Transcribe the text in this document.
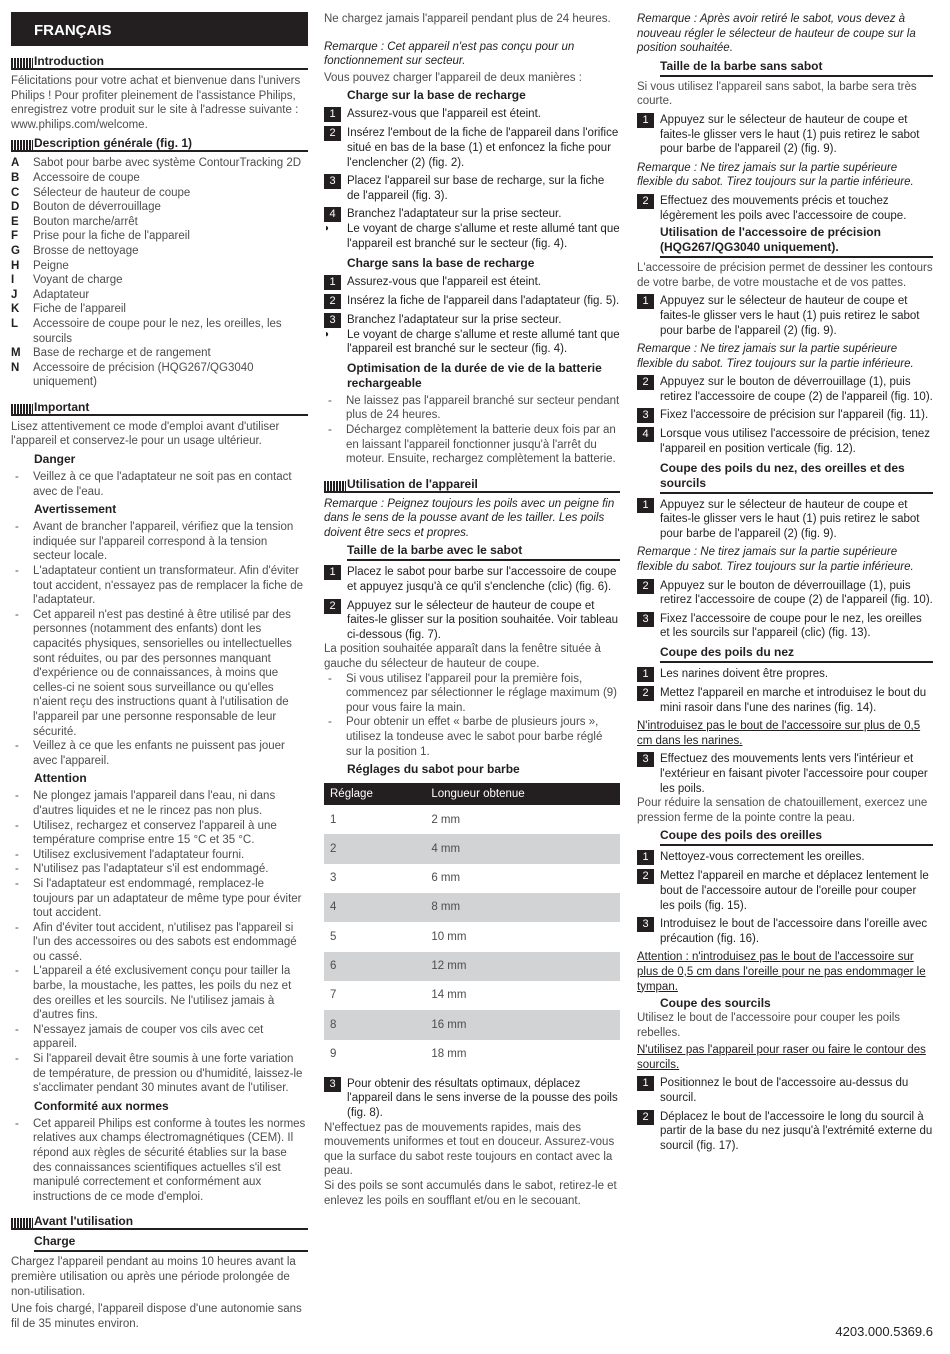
FRANÇAIS
Introduction

Félicitations pour votre achat et bienvenue dans l'univers Philips ! Pour profiter pleinement de l'assistance Philips, enregistrez votre produit sur le site à l'adresse suivante : www.philips.com/welcome.

Description générale (fig. 1)
A	Sabot pour barbe avec système ContourTracking 2D
B	Accessoire de coupe
C	Sélecteur de hauteur de coupe
D	Bouton de déverrouillage
E	Bouton marche/arrêt
F	Prise pour la fiche de l'appareil
G	Brosse de nettoyage
H	Peigne
I	Voyant de charge
J	Adaptateur
K	Fiche de l'appareil
L	Accessoire de coupe pour le nez, les oreilles, les sourcils
M	Base de recharge et de rangement
N	Accessoire de précision (HQG267/QG3040 uniquement)
Important

Lisez attentivement ce mode d'emploi avant d'utiliser l'appareil et conservez-le pour un usage ultérieur.

Danger
-	Veillez à ce que l'adaptateur ne soit pas en contact avec de l'eau.
Avertissement
-	Avant de brancher l'appareil, vérifiez que la tension indiquée sur l'appareil correspond à la tension secteur locale.
-	L'adaptateur contient un transformateur. Afin d'éviter tout accident, n'essayez pas de remplacer la fiche de l'adaptateur.
-	Cet appareil n'est pas destiné à être utilisé par des personnes (notamment des enfants) dont les capacités physiques, sensorielles ou intellectuelles sont réduites, ou par des personnes manquant d'expérience ou de connaissances, à moins que celles-ci ne soient sous surveillance ou qu'elles n'aient reçu des instructions quant à l'utilisation de l'appareil par une personne responsable de leur sécurité.
-	Veillez à ce que les enfants ne puissent pas jouer avec l'appareil.
Attention
-	Ne plongez jamais l'appareil dans l'eau, ni dans d'autres liquides et ne le rincez pas non plus.
-	Utilisez, rechargez et conservez l'appareil à une température comprise entre 15 °C et 35 °C.
-	Utilisez exclusivement l'adaptateur fourni.
-	N'utilisez pas l'adaptateur s'il est endommagé.
-	Si l'adaptateur est endommagé, remplacez-le toujours par un adaptateur de même type pour éviter tout accident.
-	Afin d'éviter tout accident, n'utilisez pas l'appareil si l'un des accessoires ou des sabots est endommagé ou cassé.
-	L'appareil a été exclusivement conçu pour tailler la barbe, la moustache, les pattes, les poils du nez et des oreilles et les sourcils. Ne l'utilisez jamais à d'autres fins.
-	N'essayez jamais de couper vos cils avec cet appareil.
-	Si l'appareil devait être soumis à une forte variation de température, de pression ou d'humidité, laissez-le s'acclimater pendant 30 minutes avant de l'utiliser.
Conformité aux normes
-	Cet appareil Philips est conforme à toutes les normes relatives aux champs électromagnétiques (CEM). Il répond aux règles de sécurité établies sur la base des connaissances scientifiques actuelles s'il est manipulé correctement et conformément aux instructions de ce mode d'emploi.
Avant l'utilisation
Charge

Chargez l'appareil pendant au moins 10 heures avant la première utilisation ou après une période prolongée de non-utilisation.

Une fois chargé, l'appareil dispose d'une autonomie sans fil de 35 minutes environ.

Ne chargez jamais l'appareil pendant plus de 24 heures.

Remarque : Cet appareil n'est pas conçu pour un fonctionnement sur secteur.

Vous pouvez charger l'appareil de deux manières :

Charge sur la base de recharge
1 Assurez-vous que l'appareil est éteint.
2 Insérez l'embout de la fiche de l'appareil dans l'orifice situé en bas de la base (1) et enfoncez la fiche pour l'enclencher (2) (fig. 2).
3 Placez l'appareil sur base de recharge, sur la fiche de l'appareil (fig. 3).
4 Branchez l'adaptateur sur la prise secteur.
◗	Le voyant de charge s'allume et reste allumé tant que l'appareil est branché sur le secteur (fig. 4).
Charge sans la base de recharge
1 Assurez-vous que l'appareil est éteint.
2 Insérez la fiche de l'appareil dans l'adaptateur (fig. 5).
3 Branchez l'adaptateur sur la prise secteur.
◗	Le voyant de charge s'allume et reste allumé tant que l'appareil est branché sur le secteur (fig. 4).
Optimisation de la durée de vie de la batterie rechargeable
-	Ne laissez pas l'appareil branché sur secteur pendant plus de 24 heures.
-	Déchargez complètement la batterie deux fois par an en laissant l'appareil fonctionner jusqu'à l'arrêt du moteur. Ensuite, rechargez complètement la batterie.
Utilisation de l'appareil

Remarque : Peignez toujours les poils avec un peigne fin dans le sens de la pousse avant de les tailler. Les poils doivent être secs et propres.

Taille de la barbe avec le sabot
1 Placez le sabot pour barbe sur l'accessoire de coupe et appuyez jusqu'à ce qu'il s'enclenche (clic) (fig. 6).
2 Appuyez sur le sélecteur de hauteur de coupe et faites-le glisser sur la position souhaitée. Voir tableau ci-dessous (fig. 7).

La position souhaitée apparaît dans la fenêtre située à gauche du sélecteur de hauteur de coupe.

-	Si vous utilisez l'appareil pour la première fois, commencez par sélectionner le réglage maximum (9) pour vous faire la main.
-	Pour obtenir un effet « barbe de plusieurs jours », utilisez la tondeuse avec le sabot pour barbe réglé sur la position 1.
Réglages du sabot pour barbe
Réglage	Longueur obtenue
1	2 mm
2	4 mm
3	6 mm
4	8 mm
5	10 mm
6	12 mm
7	14 mm
8	16 mm
9	18 mm
3 Pour obtenir des résultats optimaux, déplacez l'appareil dans le sens inverse de la pousse des poils (fig. 8).

N'effectuez pas de mouvements rapides, mais des mouvements uniformes et tout en douceur. Assurez-vous que la surface du sabot reste toujours en contact avec la peau.

Si des poils se sont accumulés dans le sabot, retirez-le et enlevez les poils en soufflant et/ou en le secouant.

Remarque : Après avoir retiré le sabot, vous devez à nouveau régler le sélecteur de hauteur de coupe sur la position souhaitée.

Taille de la barbe sans sabot

Si vous utilisez l'appareil sans sabot, la barbe sera très courte.

1 Appuyez sur le sélecteur de hauteur de coupe et faites-le glisser vers le haut (1) puis retirez le sabot pour barbe de l'appareil (2) (fig. 9).

Remarque : Ne tirez jamais sur la partie supérieure flexible du sabot. Tirez toujours sur la partie inférieure.

2 Effectuez des mouvements précis et touchez légèrement les poils avec l'accessoire de coupe.
Utilisation de l'accessoire de précision (HQG267/QG3040 uniquement).

L'accessoire de précision permet de dessiner les contours de votre barbe, de votre moustache et de vos pattes.

1 Appuyez sur le sélecteur de hauteur de coupe et faites-le glisser vers le haut (1) puis retirez le sabot pour barbe de l'appareil (2) (fig. 9).

Remarque : Ne tirez jamais sur la partie supérieure flexible du sabot. Tirez toujours sur la partie inférieure.

2 Appuyez sur le bouton de déverrouillage (1), puis retirez l'accessoire de coupe (2) de l'appareil (fig. 10).
3 Fixez l'accessoire de précision sur l'appareil (fig. 11).
4 Lorsque vous utilisez l'accessoire de précision, tenez l'appareil en position verticale (fig. 12).
Coupe des poils du nez, des oreilles et des sourcils
1 Appuyez sur le sélecteur de hauteur de coupe et faites-le glisser vers le haut (1) puis retirez le sabot pour barbe de l'appareil (2) (fig. 9).

Remarque : Ne tirez jamais sur la partie supérieure flexible du sabot. Tirez toujours sur la partie inférieure.

2 Appuyez sur le bouton de déverrouillage (1), puis retirez l'accessoire de coupe (2) de l'appareil (fig. 10).
3 Fixez l'accessoire de coupe pour le nez, les oreilles et les sourcils sur l'appareil (clic) (fig. 13).
Coupe des poils du nez
1 Les narines doivent être propres.
2 Mettez l'appareil en marche et introduisez le bout du mini rasoir dans l'une des narines (fig. 14).

N'introduisez pas le bout de l'accessoire sur plus de 0,5 cm dans les narines.

3 Effectuez des mouvements lents vers l'intérieur et l'extérieur en faisant pivoter l'accessoire pour couper les poils.

Pour réduire la sensation de chatouillement, exercez une pression ferme de la pointe contre la peau.

Coupe des poils des oreilles
1 Nettoyez-vous correctement les oreilles.
2 Mettez l'appareil en marche et déplacez lentement le bout de l'accessoire autour de l'oreille pour couper les poils (fig. 15).
3 Introduisez le bout de l'accessoire dans l'oreille avec précaution (fig. 16).

Attention : n'introduisez pas le bout de l'accessoire sur plus de 0,5 cm dans l'oreille pour ne pas endommager le tympan.

Coupe des sourcils

Utilisez le bout de l'accessoire pour couper les poils rebelles.

N'utilisez pas l'appareil pour raser ou faire le contour des sourcils.

1 Positionnez le bout de l'accessoire au-dessus du sourcil.
2 Déplacez le bout de l'accessoire le long du sourcil à partir de la base du nez jusqu'à l'extrémité externe du sourcil (fig. 17).
4203.000.5369.6
